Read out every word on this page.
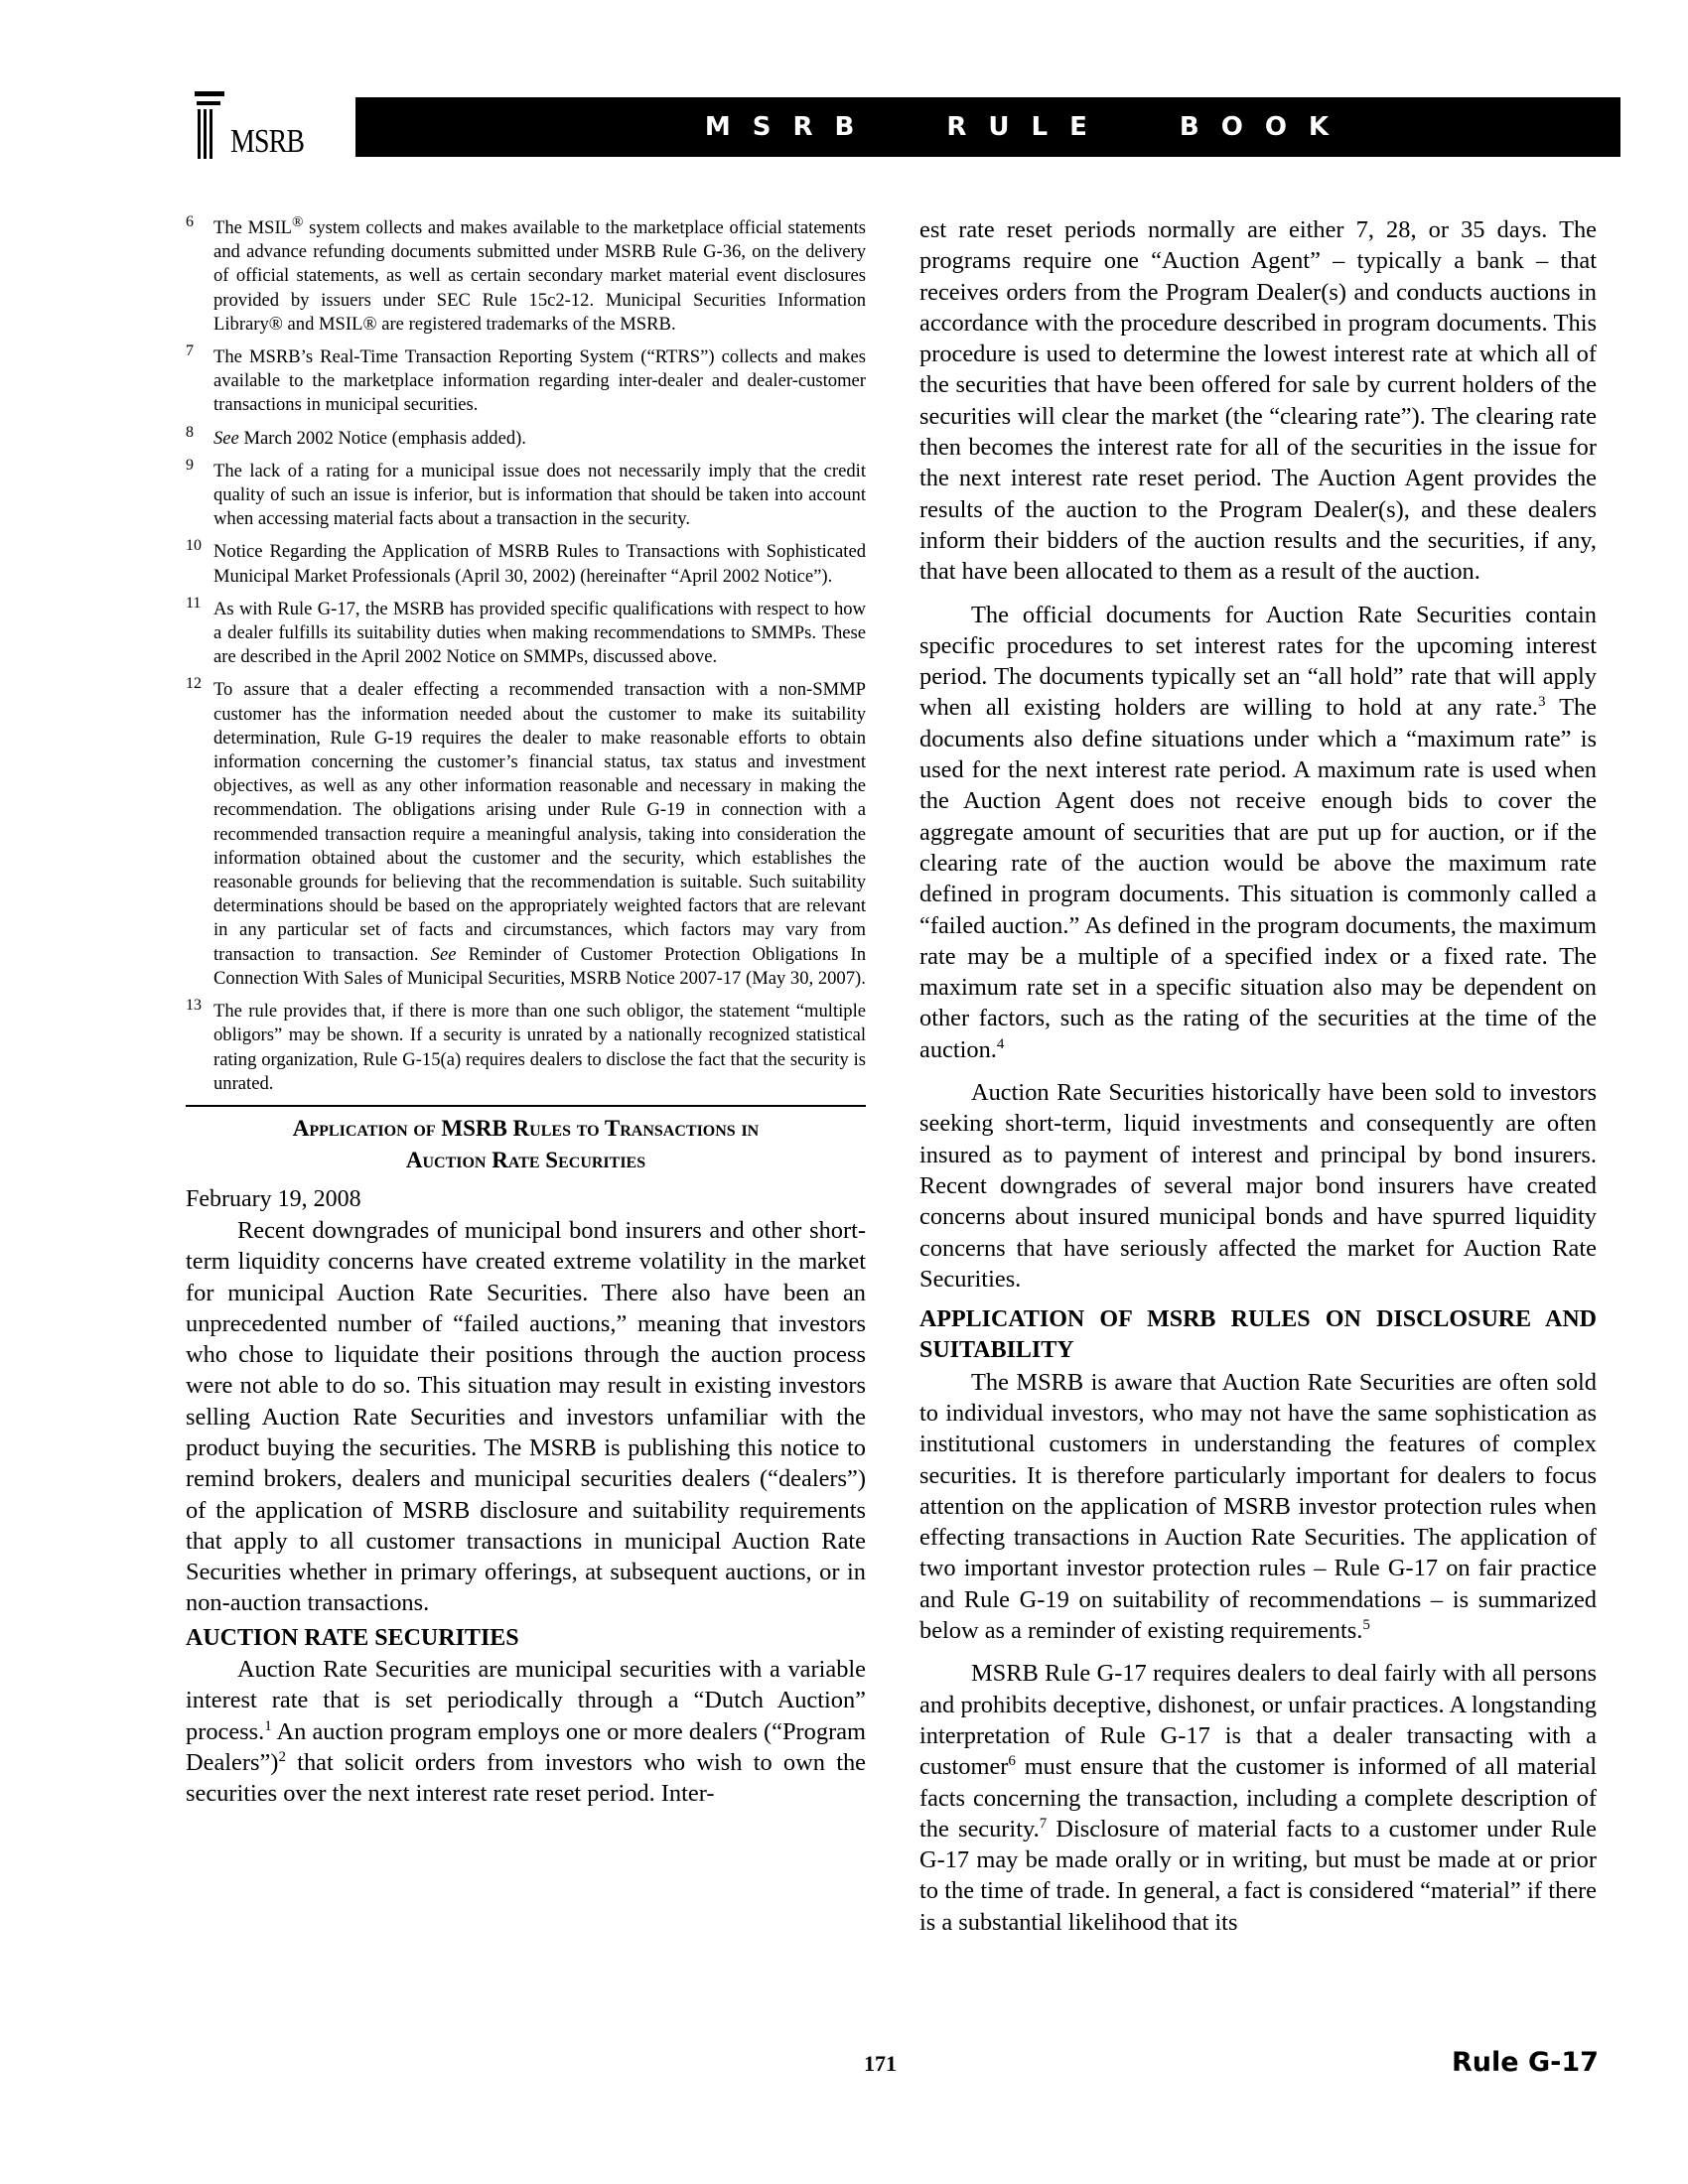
MSRB	MSRB RULE BOOK
6	The MSIL® system collects and makes available to the marketplace official statements and advance refunding documents submitted under MSRB Rule G-36, on the delivery of official statements, as well as certain secondary market material event disclosures provided by issuers under SEC Rule 15c2-12. Municipal Securities Information Library® and MSIL® are registered trademarks of the MSRB.
7	The MSRB’s Real-Time Transaction Reporting System (“RTRS”) collects and makes available to the marketplace information regarding inter-dealer and dealer-customer transactions in municipal securities.
8	See March 2002 Notice (emphasis added).
9	The lack of a rating for a municipal issue does not necessarily imply that the credit quality of such an issue is inferior, but is information that should be taken into account when accessing material facts about a transaction in the security.
10 Notice Regarding the Application of MSRB Rules to Transactions with Sophisticated Municipal Market Professionals (April 30, 2002) (hereinafter “April 2002 Notice”).
11 As with Rule G-17, the MSRB has provided specific qualifications with respect to how a dealer fulfills its suitability duties when making recommendations to SMMPs. These are described in the April 2002 Notice on SMMPs, discussed above.
12 To assure that a dealer effecting a recommended transaction with a non-SMMP customer has the information needed about the customer to make its suitability determination, Rule G-19 requires the dealer to make reasonable efforts to obtain information concerning the customer’s financial status, tax status and investment objectives, as well as any other information reasonable and necessary in making the recommendation. The obligations arising under Rule G-19 in connection with a recommended transaction require a meaningful analysis, taking into consideration the information obtained about the customer and the security, which establishes the reasonable grounds for believing that the recommendation is suitable. Such suitability determinations should be based on the appropriately weighted factors that are relevant in any particular set of facts and circumstances, which factors may vary from transaction to transaction. See Reminder of Customer Protection Obligations In Connection With Sales of Municipal Securities, MSRB Notice 2007-17 (May 30, 2007).
13 The rule provides that, if there is more than one such obligor, the statement “multiple obligors” may be shown. If a security is unrated by a nationally recognized statistical rating organization, Rule G-15(a) requires dealers to disclose the fact that the security is unrated.
Application of MSRB Rules to Transactions in
Auction Rate Securities
February 19, 2008

Recent downgrades of municipal bond insurers and other short-term liquidity concerns have created extreme volatility in the market for municipal Auction Rate Securities. There also have been an unprecedented number of “failed auctions,” meaning that investors who chose to liquidate their positions through the auction process were not able to do so. This situation may result in existing investors selling Auction Rate Securities and investors unfamiliar with the product buying the securities. The MSRB is publishing this notice to remind brokers, dealers and municipal securities dealers (“dealers”) of the application of MSRB disclosure and suitability requirements that apply to all customer transactions in municipal Auction Rate Securities whether in primary offerings, at subsequent auctions, or in non-auction transactions.

AUCTION RATE SECURITIES

Auction Rate Securities are municipal securities with a variable interest rate that is set periodically through a “Dutch Auction” process.$^1$ An auction program employs one or more dealers (“Program Dealers”)$^2$ that solicit orders from investors who wish to own the securities over the next interest rate reset period. Inter-

est rate reset periods normally are either 7, 28, or 35 days. The programs require one “Auction Agent” – typically a bank – that receives orders from the Program Dealer(s) and conducts auctions in accordance with the procedure described in program documents. This procedure is used to determine the lowest interest rate at which all of the securities that have been offered for sale by current holders of the securities will clear the market (the “clearing rate”). The clearing rate then becomes the interest rate for all of the securities in the issue for the next interest rate reset period. The Auction Agent provides the results of the auction to the Program Dealer(s), and these dealers inform their bidders of the auction results and the securities, if any, that have been allocated to them as a result of the auction.

The official documents for Auction Rate Securities contain specific procedures to set interest rates for the upcoming interest period. The documents typically set an “all hold” rate that will apply when all existing holders are willing to hold at any rate.$^3$ The documents also define situations under which a “maximum rate” is used for the next interest rate period. A maximum rate is used when the Auction Agent does not receive enough bids to cover the aggregate amount of securities that are put up for auction, or if the clearing rate of the auction would be above the maximum rate defined in program documents. This situation is commonly called a “failed auction.” As defined in the program documents, the maximum rate may be a multiple of a specified index or a fixed rate. The maximum rate set in a specific situation also may be dependent on other factors, such as the rating of the securities at the time of the auction.$^4$

Auction Rate Securities historically have been sold to investors seeking short-term, liquid investments and consequently are often insured as to payment of interest and principal by bond insurers. Recent downgrades of several major bond insurers have created concerns about insured municipal bonds and have spurred liquidity concerns that have seriously affected the market for Auction Rate Securities.

APPLICATION OF MSRB RULES ON DISCLOSURE AND SUITABILITY

The MSRB is aware that Auction Rate Securities are often sold to individual investors, who may not have the same sophistication as institutional customers in understanding the features of complex securities. It is therefore particularly important for dealers to focus attention on the application of MSRB investor protection rules when effecting transactions in Auction Rate Securities. The application of two important investor protection rules – Rule G-17 on fair practice and Rule G-19 on suitability of recommendations – is summarized below as a reminder of existing requirements.$^5$

MSRB Rule G-17 requires dealers to deal fairly with all persons and prohibits deceptive, dishonest, or unfair practices. A longstanding interpretation of Rule G-17 is that a dealer transacting with a customer$^6$ must ensure that the customer is informed of all material facts concerning the transaction, including a complete description of the security.$^7$ Disclosure of material facts to a customer under Rule G-17 may be made orally or in writing, but must be made at or prior to the time of trade. In general, a fact is considered “material” if there is a substantial likelihood that its

171	Rule G-17
